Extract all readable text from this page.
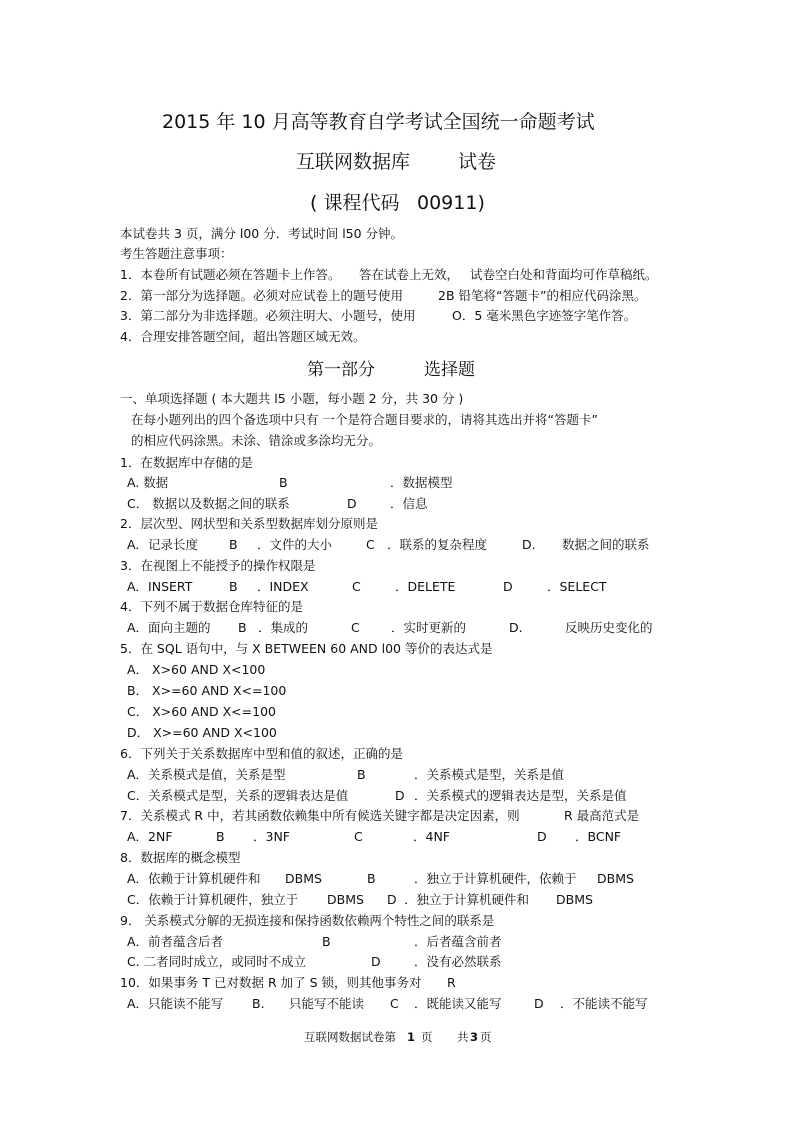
2015 年 10 月高等教育自学考试全国统一命题考试
互联网数据库	试卷
( 课程代码 00911)
本试卷共 3 页，满分 l00 分．考试时间 l50 分钟。
考生答题注意事项：
1．本卷所有试题必须在答题卡上作答。 答在试卷上无效， 试卷空白处和背面均可作草稿纸。
2．第一部分为选择题。必须对应试卷上的题号使用	2B 铅笔将“答题卡”的相应代码涂黑。
3．第二部分为非选择题。必须注明大、小题号，使用	O．5 毫米黑色字迹签字笔作答。
4．合理安排答题空间，超出答题区域无效。
第一部分	选择题
一、单项选择题 ( 本大题共 l5 小题，每小题 2 分，共 30 分 )
在每小题列出的四个备选项中只有 一个是符合题目要求的，请将其选出并将“答题卡”
的相应代码涂黑。未涂、错涂或多涂均无分。
1．在数据库中存储的是
A. 数据	B	．数据模型
C． 数据以及数据之间的联系	D	．信息
2．层次型、网状型和关系型数据库划分原则是
A．记录长度 B ．文件的大小	C ．联系的复杂程度	D. 数据之间的联系
3．在视图上不能授予的操作权限是
A．INSERT	B ．INDEX	C	．DELETE	D	．SELECT
4．下列不属于数据仓库特征的是
A．面向主题的 B ．集成的	C	．实时更新的	D.	反映历史变化的
5．在 SQL 语句中，与 X BETWEEN 60 AND l00 等价的表达式是
A． X>60 AND X<100
B． X>=60 AND X<=100
C． X>60 AND X<=100
D． X>=60 AND X<100
6．下列关于关系数据库中型和值的叙述，正确的是
A．关系模式是值，关系是型	B	．关系模式是型，关系是值
C．关系模式是型，关系的逻辑表达是值	D ．关系模式的逻辑表达是型，关系是值
7．关系模式 R 中，若其函数依赖集中所有候选关键字都是决定因素，则	R 最高范式是
A．2NF	B ．3NF	C	．4NF	D ．BCNF
8．数据库的概念模型
A．依赖于计算机硬件和 DBMS	B	．独立于计算机硬件，依赖于 DBMS
C．依赖于计算机硬件，独立于 DBMS D ．独立于计算机硬件和 DBMS
9． 关系模式分解的无损连接和保持函数依赖两个特性之间的联系是
A．前者蕴含后者	B	．后者蕴含前者
C. 二者同时成立，或同时不成立	D	．没有必然联系
10．如果事务 T 已对数据 R 加了 S 锁，则其他事务对 R
A．只能读不能写 B. 只能写不能读 C ．既能读又能写	D ．不能读不能写
互联网数据试卷第 1 页 共 3 页
